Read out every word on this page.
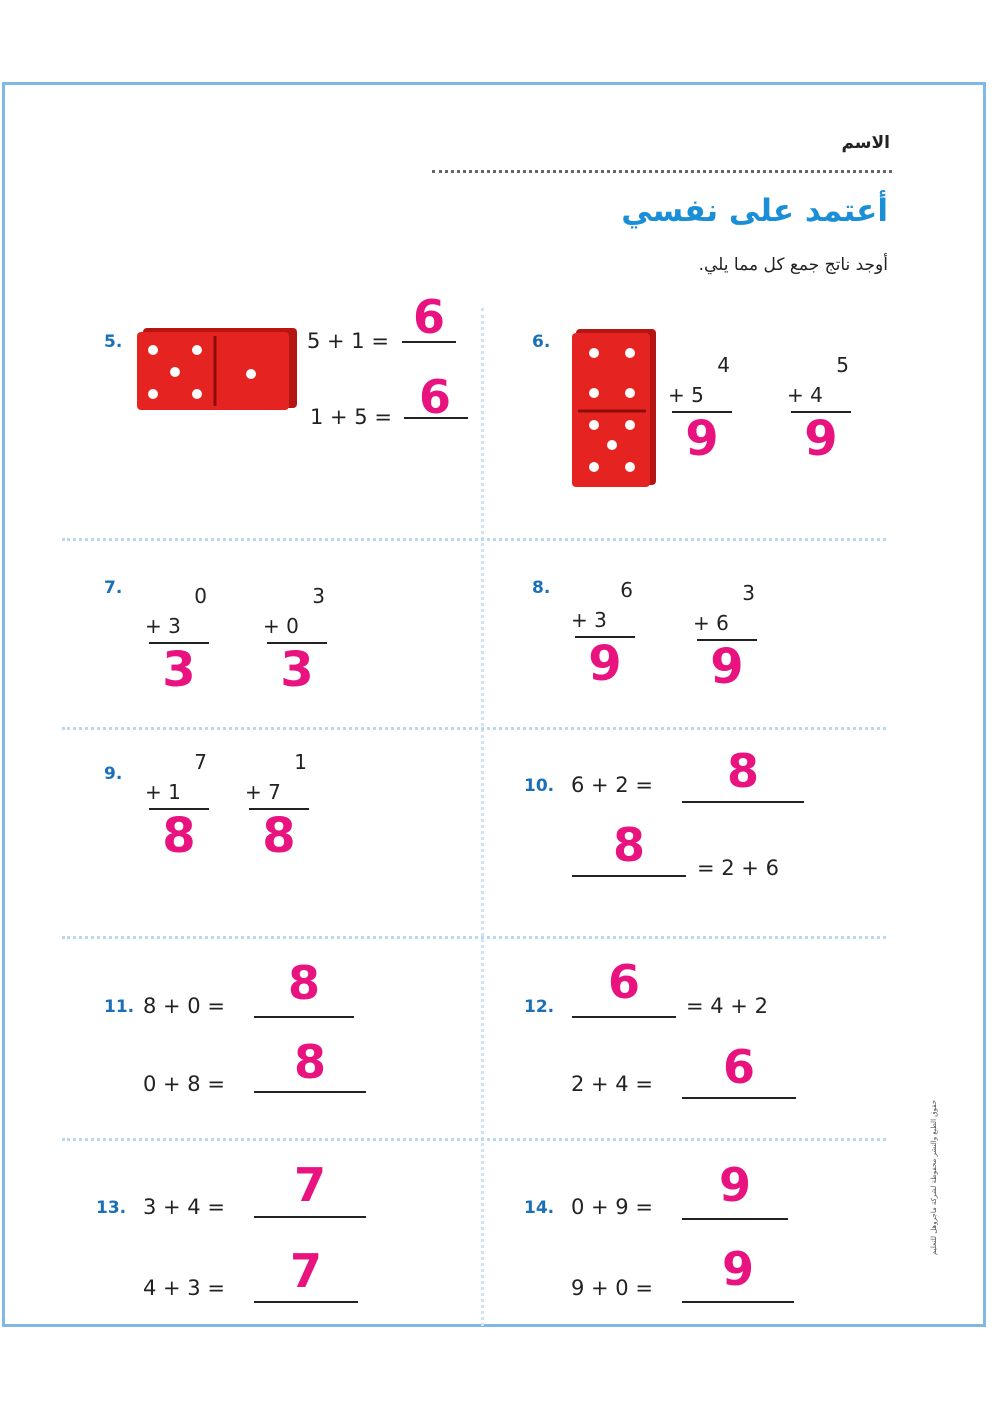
الاسم
أعتمد على نفسي
أوجد ناتج جمع كل مما يلي.
5.	5 + 1 = 6
1 + 5 = 6
6.
4
+ 5
9
5
+ 4
9
7.	0
+ 3
3
3
+ 0
3
8.	6
+ 3
9
3
+ 6
9
9.	7
+ 1
8
1
+ 7
8
10. 6 + 2 =	8
8	= 2 + 6
11. 8 + 0 =	8
0 + 8 =	8
12.	6	= 4 + 2
2 + 4 =	6
13. 3 + 4 =	7
4 + 3 =	7
14. 0 + 9 =	9
9 + 0 =	9
حقوق الطبع والنشر محفوظة لشركة ماجروهل للتعليم
